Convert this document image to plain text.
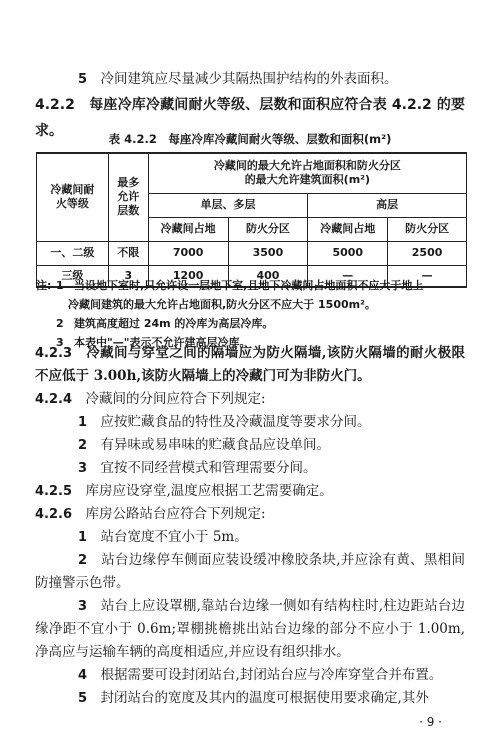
5　 冷间建筑应尽量减少其隔热围护结构的外表面积。

4.2.2　 每座冷库冷藏间耐火等级、层数和面积应符合表 4.2.2 的要求。	表 4.2.2　每座冷库冷藏间耐火等级、层数和面积(m²)
冷藏间耐火等级	最多允许层数	冷藏间的最大允许占地面积和防火分区的最大允许建筑面积(m²)			
		单层、多层		高层	
		冷藏间占地	防火分区	冷藏间占地	防火分区
一、二级	不限	7000	3500	5000	2500
三级	3	1200	400	—	—
注: 1 当设地下室时,只允许设一层地下室,且地下冷藏间占地面积不应大于地上
冷藏间建筑的最大允许占地面积,防火分区不应大于 1500m²。
2 建筑高度超过 24m 的冷库为高层冷库。
3 本表中"—"表示不允许建高层冷库。

4.2.3　 冷藏间与穿堂之间的隔墙应为防火隔墙,该防火隔墙的耐火极限不应低于 3.00h,该防火隔墙上的冷藏门可为非防火门。

4.2.4　 冷藏间的分间应符合下列规定:

1　 应按贮藏食品的特性及冷藏温度等要求分间。

2　 有异味或易串味的贮藏食品应设单间。

3　 宜按不同经营模式和管理需要分间。

4.2.5　 库房应设穿堂,温度应根据工艺需要确定。

4.2.6　 库房公路站台应符合下列规定:

1　 站台宽度不宜小于 5m。

2　 站台边缘停车侧面应装设缓冲橡胶条块,并应涂有黄、黑相间防撞警示色带。

3　 站台上应设罩棚,靠站台边缘一侧如有结构柱时,柱边距站台边缘净距不宜小于 0.6m;罩棚挑檐挑出站台边缘的部分不应小于 1.00m,净高应与运输车辆的高度相适应,并应设有组织排水。

4　 根据需要可设封闭站台,封闭站台应与冷库穿堂合并布置。

· 9 ·

5　 封闭站台的宽度及其内的温度可根据使用要求确定,其外
